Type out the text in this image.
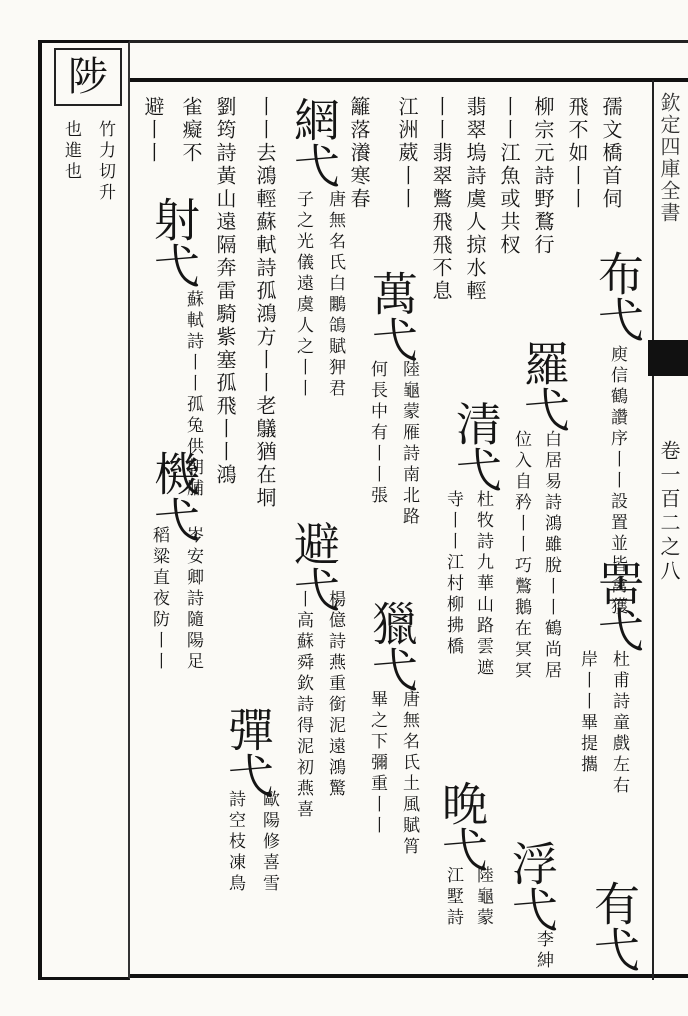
欽定四庫全書
卷一百二之八
陟
竹力切升
也進也	孺文橋首伺
布弋
庾信鶴讚序丨丨設置並皆禽獲
罟弋
杜甫詩童戲左右
岸丨丨畢提攜
有弋
飛不如丨丨
柳宗元詩野鶩行
羅弋
白居易詩鴻雖脫丨丨鶴尚居
位入自矜丨丨巧鷩鵝在冥冥
浮弋
李紳
丨丨江魚或共杈
翡翠塢詩虞人掠水輕
清弋
杜牧詩九華山路雲遮
寺丨丨江村柳拂橋
晚弋
陸龜蒙
江墅詩
丨丨翡翠鷩飛飛不息
江洲葳丨丨
萬弋
陸龜蒙雁詩南北路
何長中有丨丨張
獵弋
唐無名氏土風賦筲
畢之下彌重丨丨
籬落瀁寒春
網弋
唐無名氏白鷴鴿賦狎君
子之光儀遠虞人之丨丨
避弋
楊億詩燕重銜泥遠鴻驚
丨高蘇舜欽詩得泥初燕喜
丨丨去鴻輕蘇軾詩孤鴻方丨丨老鸃猶在垌
彈弋
歐陽修喜雪
詩空枝凍鳥
劉筠詩黃山遠隔奔雷騎紫塞孤飛丨丨鴻
雀癡不
射弋
蘇軾詩丨丨孤兔供朝脯
機弋
岑安卿詩隨陽足
稻粱直夜防丨丨
避丨丨
